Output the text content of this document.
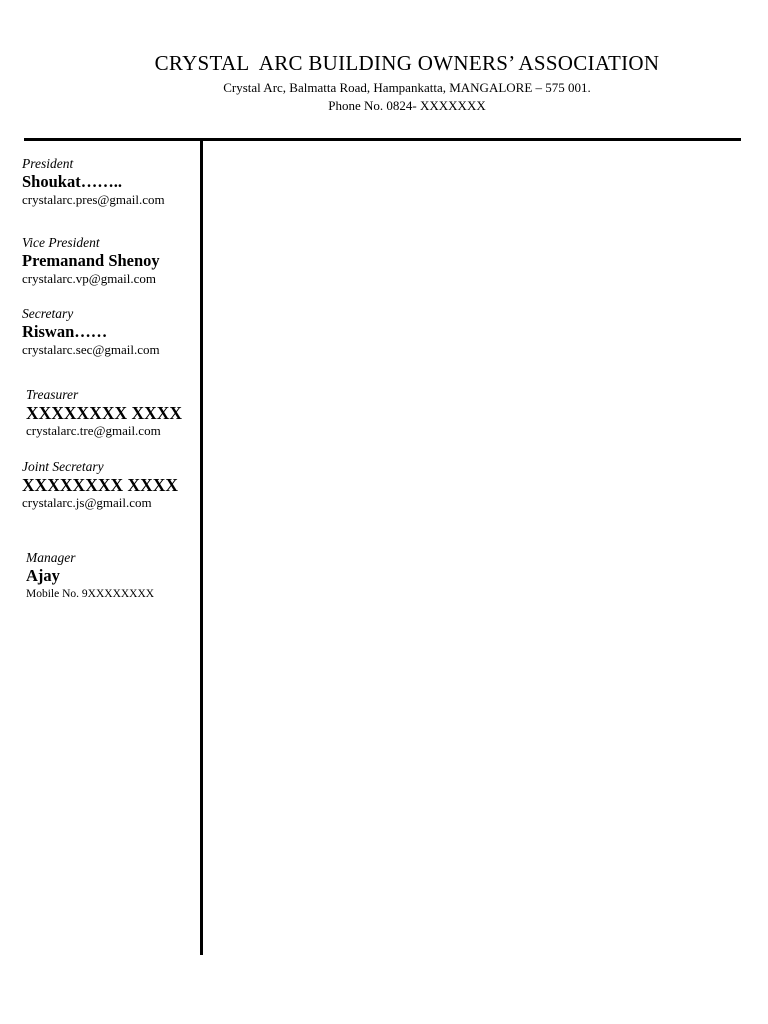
CRYSTAL  ARC BUILDING OWNERS’ ASSOCIATION
Crystal Arc, Balmatta Road, Hampankatta, MANGALORE – 575 001.
Phone No. 0824- XXXXXXX
President
Shoukat……..
crystalarc.pres@gmail.com
Vice President
Premanand Shenoy
crystalarc.vp@gmail.com
Secretary
Riswan……
crystalarc.sec@gmail.com
Treasurer
XXXXXXXX XXXX
crystalarc.tre@gmail.com
Joint Secretary
XXXXXXXX XXXX
crystalarc.js@gmail.com
Manager
Ajay
Mobile No. 9XXXXXXXX
